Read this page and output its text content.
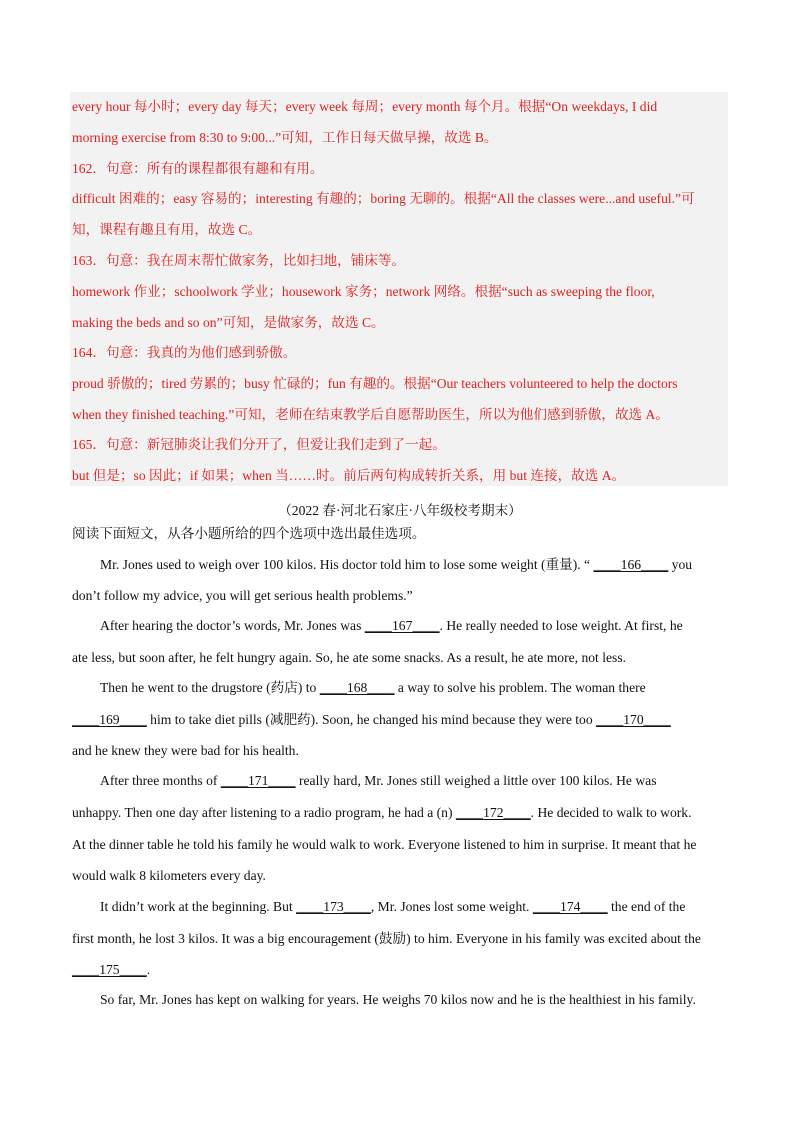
every hour 每小时；every day 每天；every week 每周；every month 每个月。根据“On weekdays, I did
morning exercise from 8:30 to 9:00...”可知，工作日每天做早操，故选 B。
162．句意：所有的课程都很有趣和有用。
difficult 困难的；easy 容易的；interesting 有趣的；boring 无聊的。根据“All the classes were...and useful.”可
知，课程有趣且有用，故选 C。
163．句意：我在周末帮忙做家务，比如扫地，铺床等。
homework 作业；schoolwork 学业；housework 家务；network 网络。根据“such as sweeping the floor,
making the beds and so on”可知，是做家务，故选 C。
164．句意：我真的为他们感到骄傲。
proud 骄傲的；tired 劳累的；busy 忙碌的；fun 有趣的。根据“Our teachers volunteered to help the doctors
when they finished teaching.”可知，老师在结束教学后自愿帮助医生，所以为他们感到骄傲，故选 A。
165．句意：新冠肺炎让我们分开了，但爱让我们走到了一起。
but 但是；so 因此；if 如果；when 当……时。前后两句构成转折关系，用 but 连接，故选 A。
（2022 春·河北石家庄·八年级校考期末）
阅读下面短文，从各小题所给的四个选项中选出最佳选项。
Mr. Jones used to weigh over 100 kilos. His doctor told him to lose some weight (重量). “ ____166____ you
don’t follow my advice, you will get serious health problems.”
After hearing the doctor’s words, Mr. Jones was ____167____. He really needed to lose weight. At first, he
ate less, but soon after, he felt hungry again. So, he ate some snacks. As a result, he ate more, not less.
Then he went to the drugstore (药店) to ____168____ a way to solve his problem. The woman there
____169____ him to take diet pills (减肥药). Soon, he changed his mind because they were too ____170____
and he knew they were bad for his health.
After three months of ____171____ really hard, Mr. Jones still weighed a little over 100 kilos. He was
unhappy. Then one day after listening to a radio program, he had a (n) ____172____. He decided to walk to work.
At the dinner table he told his family he would walk to work. Everyone listened to him in surprise. It meant that he
would walk 8 kilometers every day.
It didn’t work at the beginning. But ____173____, Mr. Jones lost some weight. ____174____ the end of the
first month, he lost 3 kilos. It was a big encouragement (鼓励) to him. Everyone in his family was excited about the
____175____.
So far, Mr. Jones has kept on walking for years. He weighs 70 kilos now and he is the healthiest in his family.
